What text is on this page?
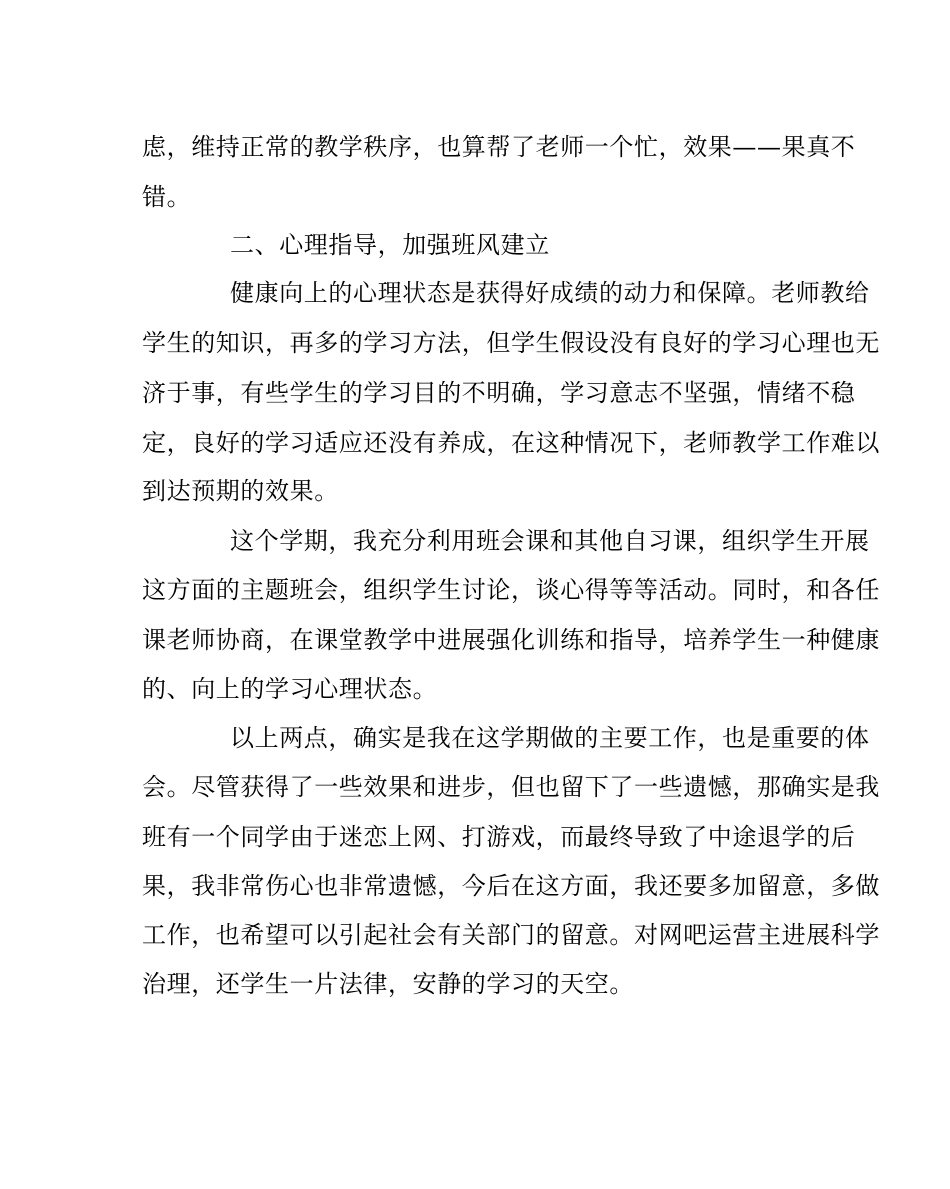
虑，维持正常的教学秩序，也算帮了老师一个忙，效果——果真不
错。
二、心理指导，加强班风建立
健康向上的心理状态是获得好成绩的动力和保障。老师教给
学生的知识，再多的学习方法，但学生假设没有良好的学习心理也无
济于事，有些学生的学习目的不明确，学习意志不坚强，情绪不稳
定，良好的学习适应还没有养成，在这种情况下，老师教学工作难以
到达预期的效果。
这个学期，我充分利用班会课和其他自习课，组织学生开展
这方面的主题班会，组织学生讨论，谈心得等等活动。同时，和各任
课老师协商，在课堂教学中进展强化训练和指导，培养学生一种健康
的、向上的学习心理状态。
以上两点，确实是我在这学期做的主要工作，也是重要的体
会。尽管获得了一些效果和进步，但也留下了一些遗憾，那确实是我
班有一个同学由于迷恋上网、打游戏，而最终导致了中途退学的后
果，我非常伤心也非常遗憾，今后在这方面，我还要多加留意，多做
工作，也希望可以引起社会有关部门的留意。对网吧运营主进展科学
治理，还学生一片法律，安静的学习的天空。
